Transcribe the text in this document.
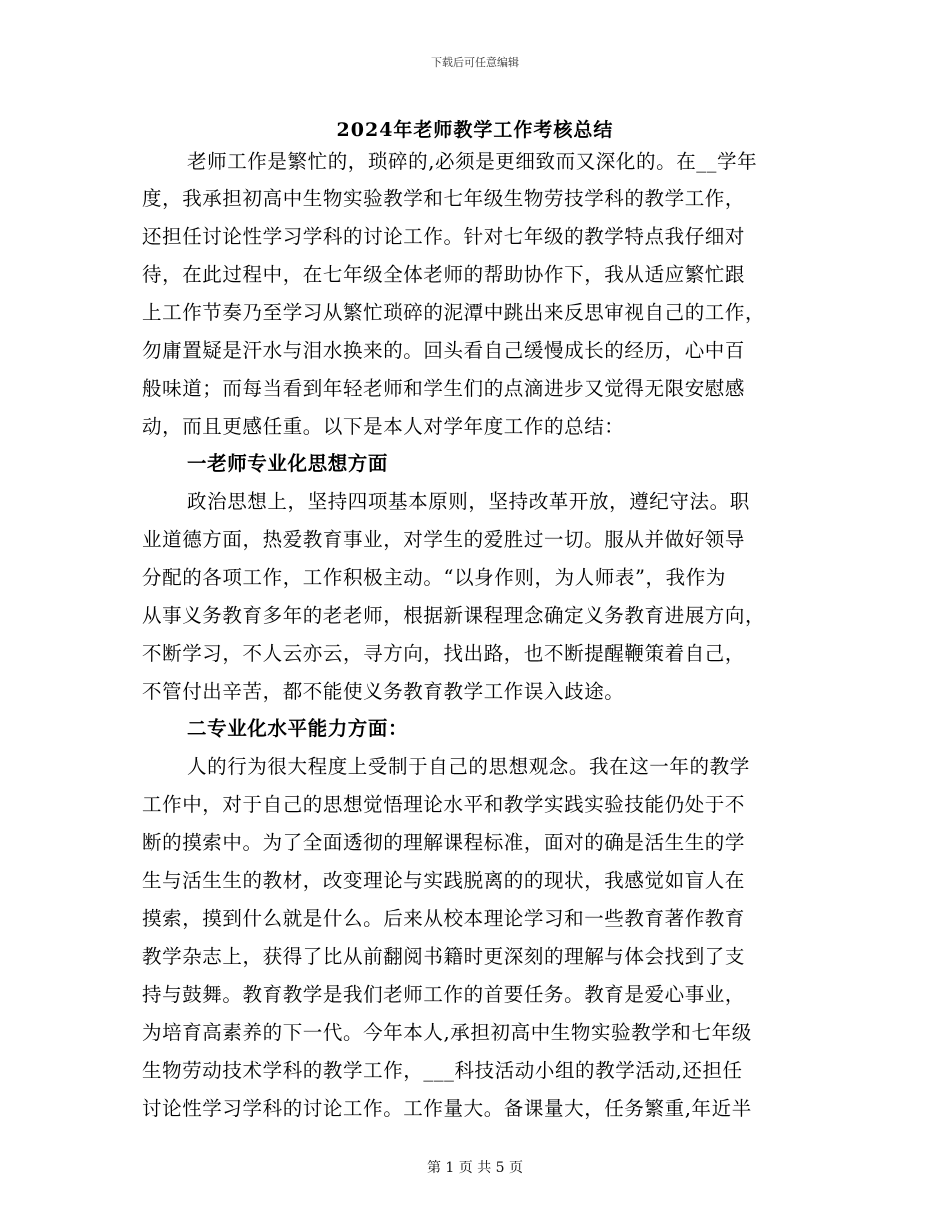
下载后可任意编辑
2024年老师教学工作考核总结
老师工作是繁忙的，琐碎的,必须是更细致而又深化的。在__学年
度，我承担初高中生物实验教学和七年级生物劳技学科的教学工作，
还担任讨论性学习学科的讨论工作。针对七年级的教学特点我仔细对
待，在此过程中，在七年级全体老师的帮助协作下，我从适应繁忙跟
上工作节奏乃至学习从繁忙琐碎的泥潭中跳出来反思审视自己的工作，
勿庸置疑是汗水与泪水换来的。回头看自己缓慢成长的经历，心中百
般味道；而每当看到年轻老师和学生们的点滴进步又觉得无限安慰感
动，而且更感任重。以下是本人对学年度工作的总结：
一老师专业化思想方面
政治思想上，坚持四项基本原则，坚持改革开放，遵纪守法。职
业道德方面，热爱教育事业，对学生的爱胜过一切。服从并做好领导
分配的各项工作，工作积极主动。“以身作则，为人师表”，我作为
从事义务教育多年的老老师，根据新课程理念确定义务教育进展方向，
不断学习，不人云亦云，寻方向，找出路，也不断提醒鞭策着自己，
不管付出辛苦，都不能使义务教育教学工作误入歧途。
二专业化水平能力方面：
人的行为很大程度上受制于自己的思想观念。我在这一年的教学
工作中，对于自己的思想觉悟理论水平和教学实践实验技能仍处于不
断的摸索中。为了全面透彻的理解课程标准，面对的确是活生生的学
生与活生生的教材，改变理论与实践脱离的的现状，我感觉如盲人在
摸索，摸到什么就是什么。后来从校本理论学习和一些教育著作教育
教学杂志上，获得了比从前翻阅书籍时更深刻的理解与体会找到了支
持与鼓舞。教育教学是我们老师工作的首要任务。教育是爱心事业，
为培育高素养的下一代。今年本人,承担初高中生物实验教学和七年级
生物劳动技术学科的教学工作，___科技活动小组的教学活动,还担任
讨论性学习学科的讨论工作。工作量大。备课量大，任务繁重,年近半
第 1 页 共 5 页
